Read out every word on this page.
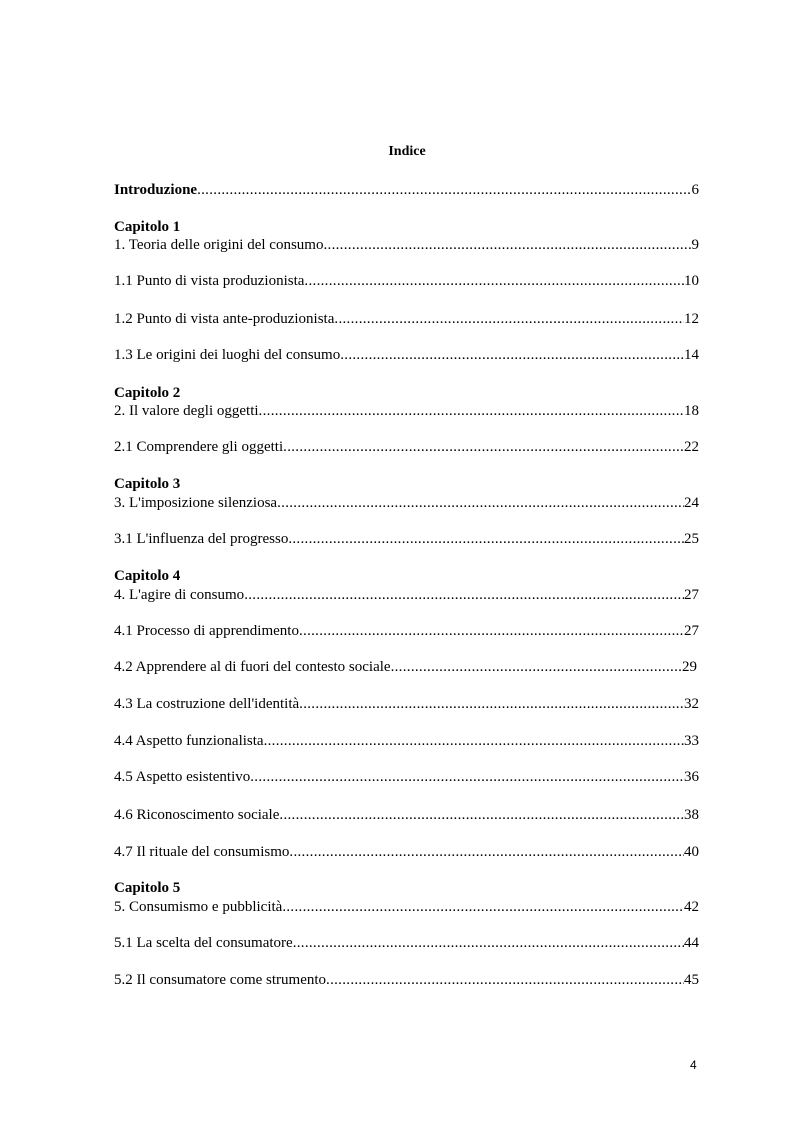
Indice
Introduzione .....	6
Capitolo 1
1. Teoria delle origini del consumo .....	9
1.1 Punto di vista produzionista .....	10
1.2 Punto di vista ante-produzionista .....	12
1.3 Le origini dei luoghi del consumo .....	14
Capitolo 2
2. Il valore degli oggetti .....	18
2.1 Comprendere gli oggetti .....	22
Capitolo 3
3. L'imposizione silenziosa .....	24
3.1 L'influenza del progresso .....	25
Capitolo 4
4. L'agire di consumo .....	27
4.1 Processo di apprendimento .....	27
4.2 Apprendere al di fuori del contesto sociale .....	29
4.3 La costruzione dell'identità .....	32
4.4 Aspetto funzionalista .....	33
4.5 Aspetto esistentivo .....	36
4.6 Riconoscimento sociale .....	38
4.7 Il rituale del consumismo .....	40
Capitolo 5
5. Consumismo e pubblicità .....	42
5.1 La scelta del consumatore .....	44
5.2 Il consumatore come strumento .....	45
4
